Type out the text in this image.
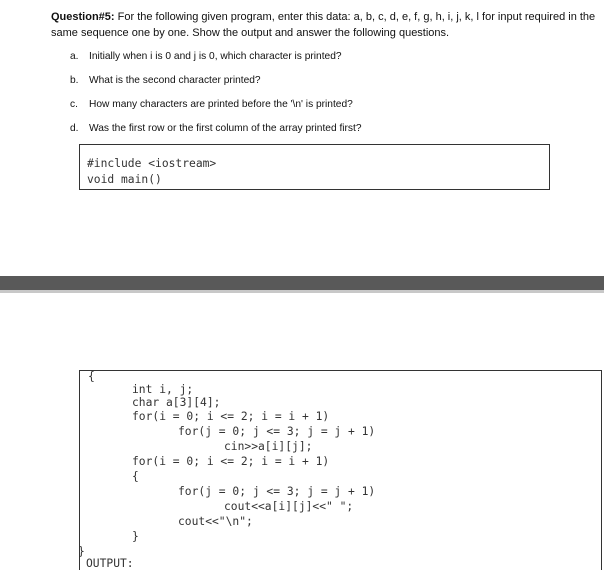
Question#5: For the following given program, enter this data: a, b, c, d, e, f, g, h, i, j, k, l for input required in the same sequence one by one. Show the output and answer the following questions.
a. Initially when i is 0 and j is 0, which character is printed?
b. What is the second character printed?
c. How many characters are printed before the '\n' is printed?
d. Was the first row or the first column of the array printed first?
#include <iostream>
void main()
{
int i, j;
char a[3][4];
for(i = 0; i <= 2; i = i + 1)
for(j = 0; j <= 3; j = j + 1)
cin>>a[i][j];
for(i = 0; i <= 2; i = i + 1)
{
for(j = 0; j <= 3; j = j + 1)
cout<<a[i][j]<<" ";
cout<<"\n";
}
}
OUTPUT:
